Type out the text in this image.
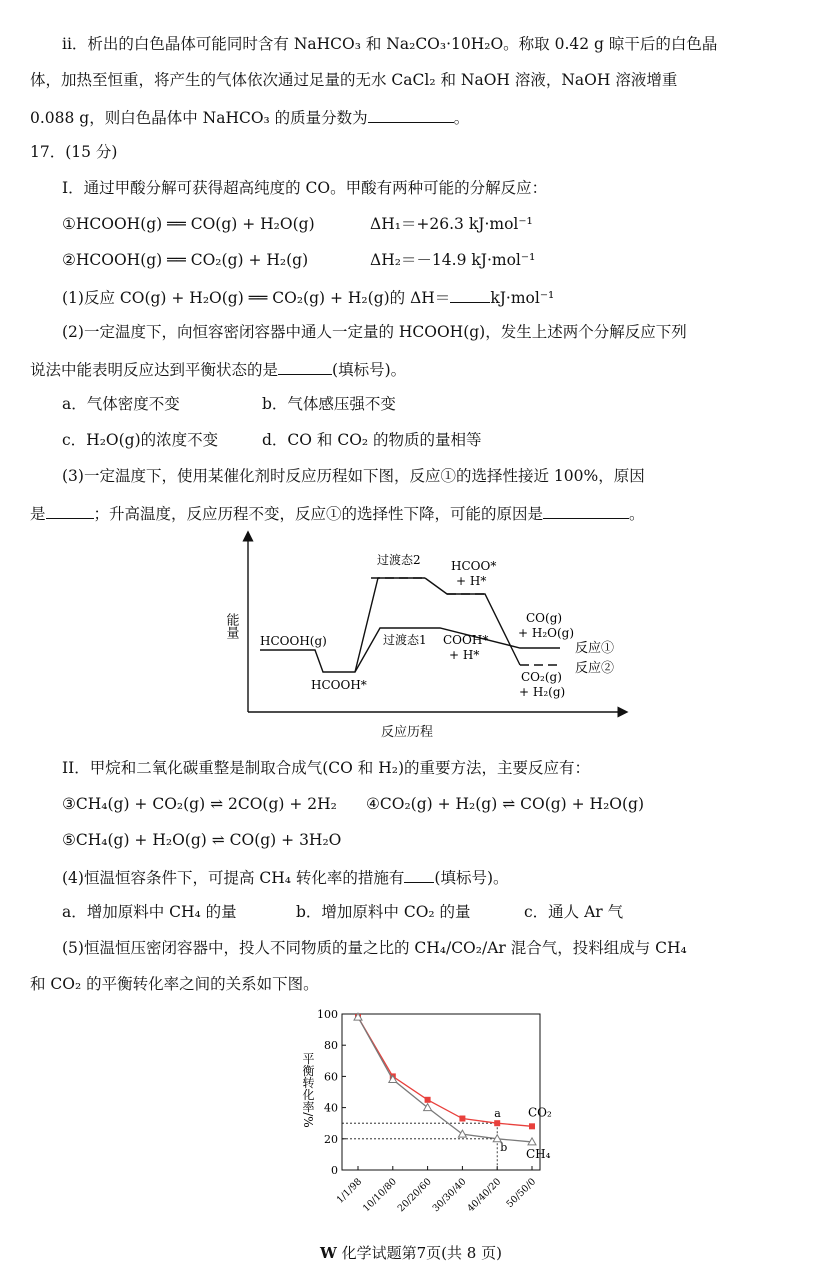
ii．析出的白色晶体可能同时含有 NaHCO₃ 和 Na₂CO₃·10H₂O。称取 0.42 g 晾干后的白色晶
体，加热至恒重，将产生的气体依次通过足量的无水 CaCl₂ 和 NaOH 溶液，NaOH 溶液增重
0.088 g，则白色晶体中 NaHCO₃ 的质量分数为	。
17．(15 分)
I．通过甲酸分解可获得超高纯度的 CO。甲酸有两种可能的分解反应：
①HCOOH(g) ══ CO(g) + H₂O(g)	ΔH₁＝+26.3 kJ·mol⁻¹
②HCOOH(g) ══ CO₂(g) + H₂(g)	ΔH₂＝－14.9 kJ·mol⁻¹
(1)反应 CO(g) + H₂O(g) ══ CO₂(g) + H₂(g)的 ΔH＝	kJ·mol⁻¹
(2)一定温度下，向恒容密闭容器中通人一定量的 HCOOH(g)，发生上述两个分解反应下列
说法中能表明反应达到平衡状态的是	(填标号)。
a．气体密度不变	b．气体感压强不变
c．H₂O(g)的浓度不变	d．CO 和 CO₂ 的物质的量相等
(3)一定温度下，使用某催化剂时反应历程如下图，反应①的选择性接近 100%，原因
是	；升高温度，反应历程不变，反应①的选择性下降，可能的原因是	。
能量
HCOOH(g)
HCOOH*
过渡态1
过渡态2
COOH*
+ H*
HCOO*
+ H*
CO(g)
+ H₂O(g)
CO₂(g)
+ H₂(g)
反应①
反应②
反应历程
II．甲烷和二氧化碳重整是制取合成气(CO 和 H₂)的重要方法，主要反应有：
③CH₄(g) + CO₂(g) ⇌ 2CO(g) + 2H₂ ④CO₂(g) + H₂(g) ⇌ CO(g) + H₂O(g)
⑤CH₄(g) + H₂O(g) ⇌ CO(g) + 3H₂O
(4)恒温恒容条件下，可提高 CH₄ 转化率的措施有 (填标号)。
a．增加原料中 CH₄ 的量	b．增加原料中 CO₂ 的量	c．通人 Ar 气
(5)恒温恒压密闭容器中，投人不同物质的量之比的 CH₄/CO₂/Ar 混合气，投料组成与 CH₄
和 CO₂ 的平衡转化率之间的关系如下图。
0
20
40
60
80
100
1/1/98
10/10/80
20/20/60
30/30/40
40/40/20 50/50/0
CO₂
CH₄
a
b
平衡转化率/%
W 化学试题第7页(共 8 页)
